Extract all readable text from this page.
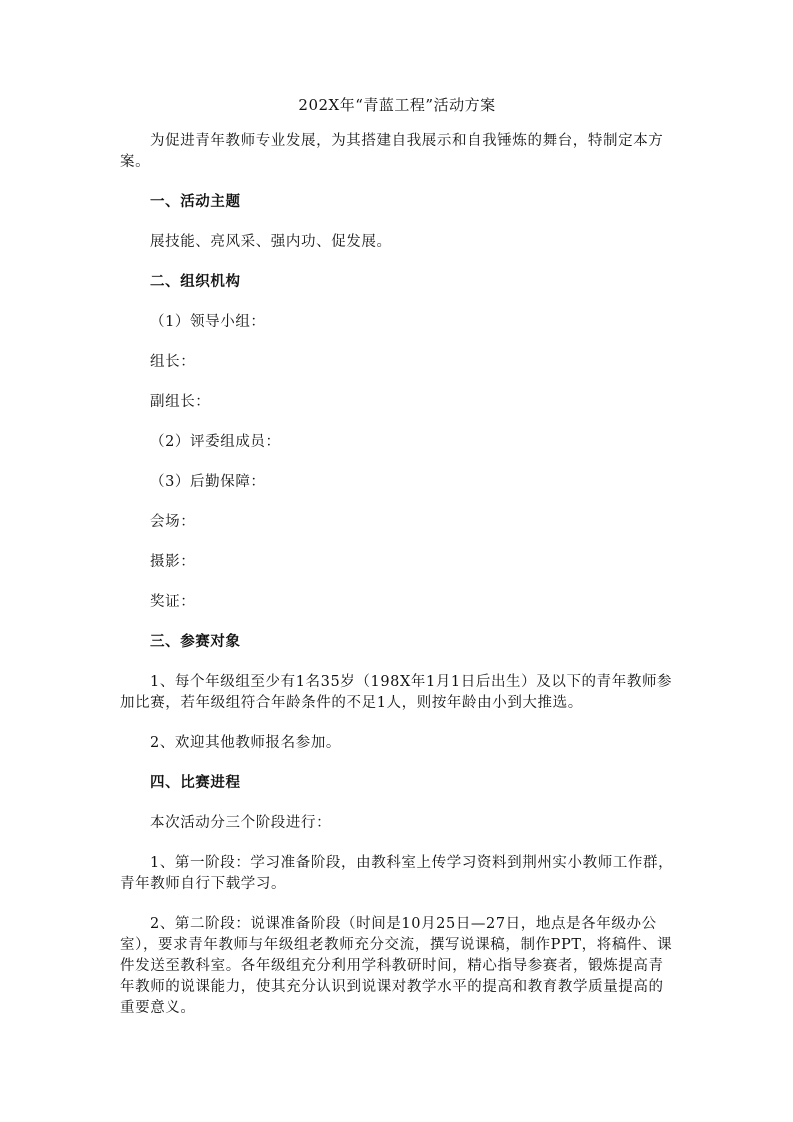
202X年“青蓝工程”活动方案

为促进青年教师专业发展，为其搭建自我展示和自我锤炼的舞台，特制定本方案。

一、活动主题

展技能、亮风采、强内功、促发展。

二、组织机构

（1）领导小组：

组长：

副组长：

（2）评委组成员：

（3）后勤保障：

会场：

摄影：

奖证：

三、参赛对象

1、每个年级组至少有1名35岁（198X年1月1日后出生）及以下的青年教师参加比赛，若年级组符合年龄条件的不足1人，则按年龄由小到大推选。

2、欢迎其他教师报名参加。

四、比赛进程

本次活动分三个阶段进行：

1、第一阶段：学习准备阶段，由教科室上传学习资料到荆州实小教师工作群，青年教师自行下载学习。

2、第二阶段：说课准备阶段（时间是10月25日—27日，地点是各年级办公室），要求青年教师与年级组老教师充分交流，撰写说课稿，制作PPT，将稿件、课件发送至教科室。各年级组充分利用学科教研时间，精心指导参赛者，锻炼提高青年教师的说课能力，使其充分认识到说课对教学水平的提高和教育教学质量提高的重要意义。
